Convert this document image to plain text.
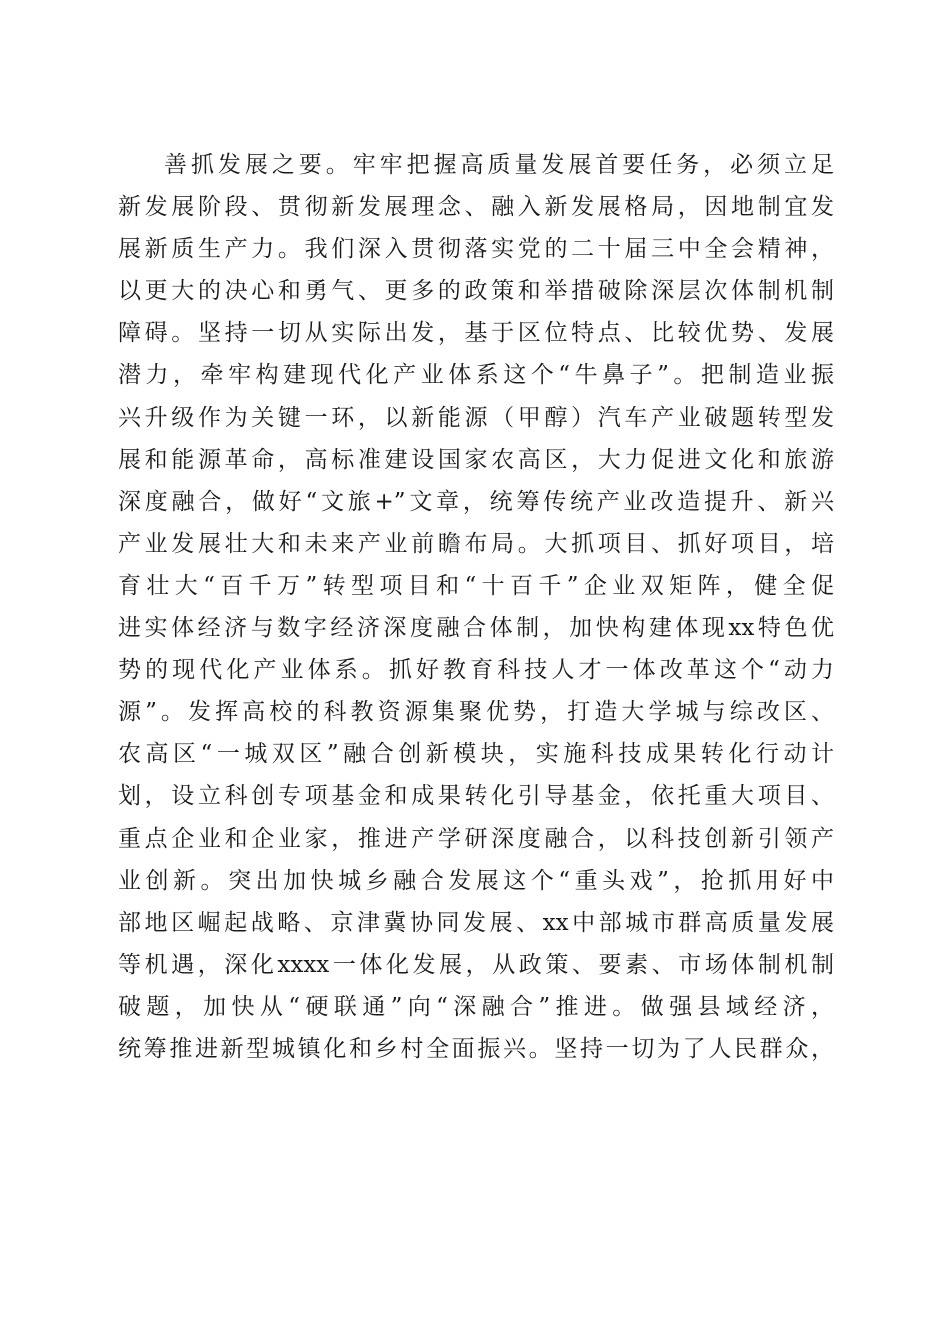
善抓发展之要。牢牢把握高质量发展首要任务，必须立足
新发展阶段、贯彻新发展理念、融入新发展格局，因地制宜发
展新质生产力。我们深入贯彻落实党的二十届三中全会精神，
以更大的决心和勇气、更多的政策和举措破除深层次体制机制
障碍。坚持一切从实际出发，基于区位特点、比较优势、发展
潜力，牵牢构建现代化产业体系这个“牛鼻子”。把制造业振
兴升级作为关键一环，以新能源（甲醇）汽车产业破题转型发
展和能源革命，高标准建设国家农高区，大力促进文化和旅游
深度融合，做好“文旅+”文章，统筹传统产业改造提升、新兴
产业发展壮大和未来产业前瞻布局。大抓项目、抓好项目，培
育壮大“百千万”转型项目和“十百千”企业双矩阵，健全促
进实体经济与数字经济深度融合体制，加快构建体现xx特色优
势的现代化产业体系。抓好教育科技人才一体改革这个“动力
源”。发挥高校的科教资源集聚优势，打造大学城与综改区、
农高区“一城双区”融合创新模块，实施科技成果转化行动计
划，设立科创专项基金和成果转化引导基金，依托重大项目、
重点企业和企业家，推进产学研深度融合，以科技创新引领产
业创新。突出加快城乡融合发展这个“重头戏”，抢抓用好中
部地区崛起战略、京津冀协同发展、xx中部城市群高质量发展
等机遇，深化xxxx一体化发展，从政策、要素、市场体制机制
破题，加快从“硬联通”向“深融合”推进。做强县域经济，
统筹推进新型城镇化和乡村全面振兴。坚持一切为了人民群众，
